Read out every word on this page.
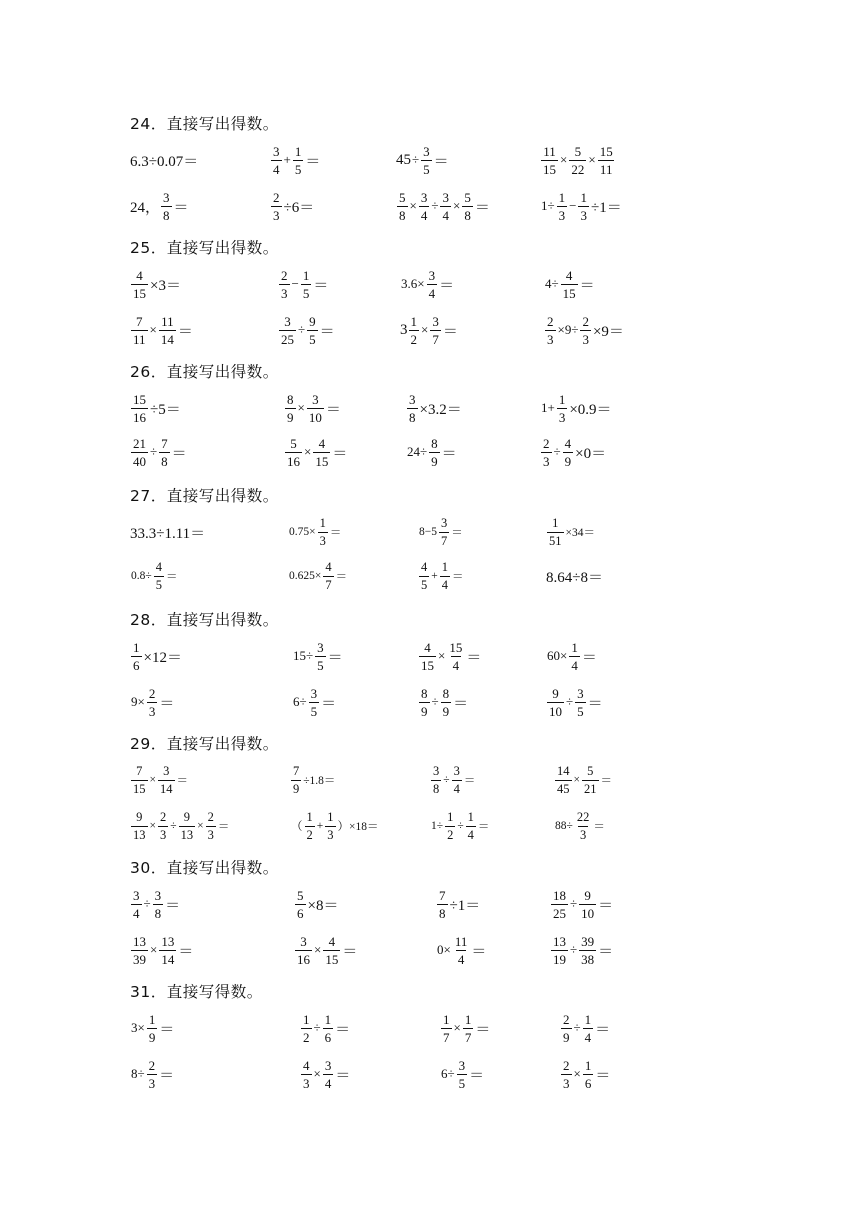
24．直接写出得数。
6.3÷0.07＝	$\frac{3}{4} + \frac{1}{5}$ ＝	$45 \div \frac{3}{5}$ ＝	$\frac{11}{15} \times \frac{5}{22} \times \frac{15}{11}$
24， $\frac{3}{8}$ ＝	$\frac{2}{3} \div 6=$	$\frac{5}{8} \times \frac{3}{4} \div \frac{3}{4} \times \frac{5}{8}$ ＝	$1\div \frac{1}{3} - \frac{1}{3} \div 1=$
25．直接写出得数。
$\frac{4}{15} \times 3=$	$\frac{2}{3} - \frac{1}{5}$ ＝	$3.6\times \frac{3}{4}$ ＝	$4\div \frac{4}{15}$ ＝
$\frac{7}{11} \times \frac{11}{14}$ ＝	$\frac{3}{25} \div \frac{9}{5}$ ＝	$3 \frac{1}{2} \times \frac{3}{7}$ ＝	$\frac{2}{3} \times 9\div \frac{2}{3} \times 9=$
26．直接写出得数。
$\frac{15}{16} \div 5=$	$\frac{8}{9} \times \frac{3}{10}$ ＝	$\frac{3}{8} \times 3.2=$	$1+ \frac{1}{3} \times 0.9=$
$\frac{21}{40} \div \frac{7}{8}$ ＝	$\frac{5}{16} \times \frac{4}{15}$ ＝	$24\div \frac{8}{9}$ ＝	$\frac{2}{3} \div \frac{4}{9} \times 0=$
27．直接写出得数。
33.3÷1.11＝	$0.75\times \frac{1}{3}$ ＝	$8-5 \frac{3}{7}$ ＝	$\frac{1}{51} \times 34=$
$0.8\div \frac{4}{5}$ ＝	$0.625\times \frac{4}{7}$ ＝	$\frac{4}{5} + \frac{1}{4}$ ＝	8.64÷8＝
28．直接写出得数。
$\frac{1}{6} \times 12=$	$15\div \frac{3}{5}$ ＝	$\frac{4}{15} \times \frac{15}{4}$ ＝	$60\times \frac{1}{4}$ ＝
$9\times \frac{2}{3}$ ＝	$6\div \frac{3}{5}$ ＝	$\frac{8}{9} \div \frac{8}{9}$ ＝	$\frac{9}{10} \div \frac{3}{5}$ ＝
29．直接写出得数。
$\frac{7}{15} \times \frac{3}{14}$ ＝	$\frac{7}{9} \div 1.8=$	$\frac{3}{8} \div \frac{3}{4}$ ＝	$\frac{14}{45} \times \frac{5}{21}$ ＝
$\frac{9}{13} \times \frac{2}{3} \div \frac{9}{13} \times \frac{2}{3}$ ＝	（ $\frac{1}{2} + \frac{1}{3} )\times 18=$	$1\div \frac{1}{2} \div \frac{1}{4}$ ＝	$88\div \frac{22}{3}$ ＝
30．直接写出得数。
$\frac{3}{4} \div \frac{3}{8}$ ＝	$\frac{5}{6} \times 8=$	$\frac{7}{8} \div 1=$	$\frac{18}{25} \div \frac{9}{10}$ ＝
$\frac{13}{39} \times \frac{13}{14}$ ＝	$\frac{3}{16} \times \frac{4}{15}$ ＝	$0\times \frac{11}{4}$ ＝	$\frac{13}{19} \div \frac{39}{38}$ ＝
31．直接写得数。
$3\times \frac{1}{9}$ ＝	$\frac{1}{2} \div \frac{1}{6}$ ＝	$\frac{1}{7} \times \frac{1}{7}$ ＝	$\frac{2}{9} \div \frac{1}{4}$ ＝
$8\div \frac{2}{3}$ ＝	$\frac{4}{3} \times \frac{3}{4}$ ＝	$6\div \frac{3}{5}$ ＝	$\frac{2}{3} \times \frac{1}{6}$ ＝
